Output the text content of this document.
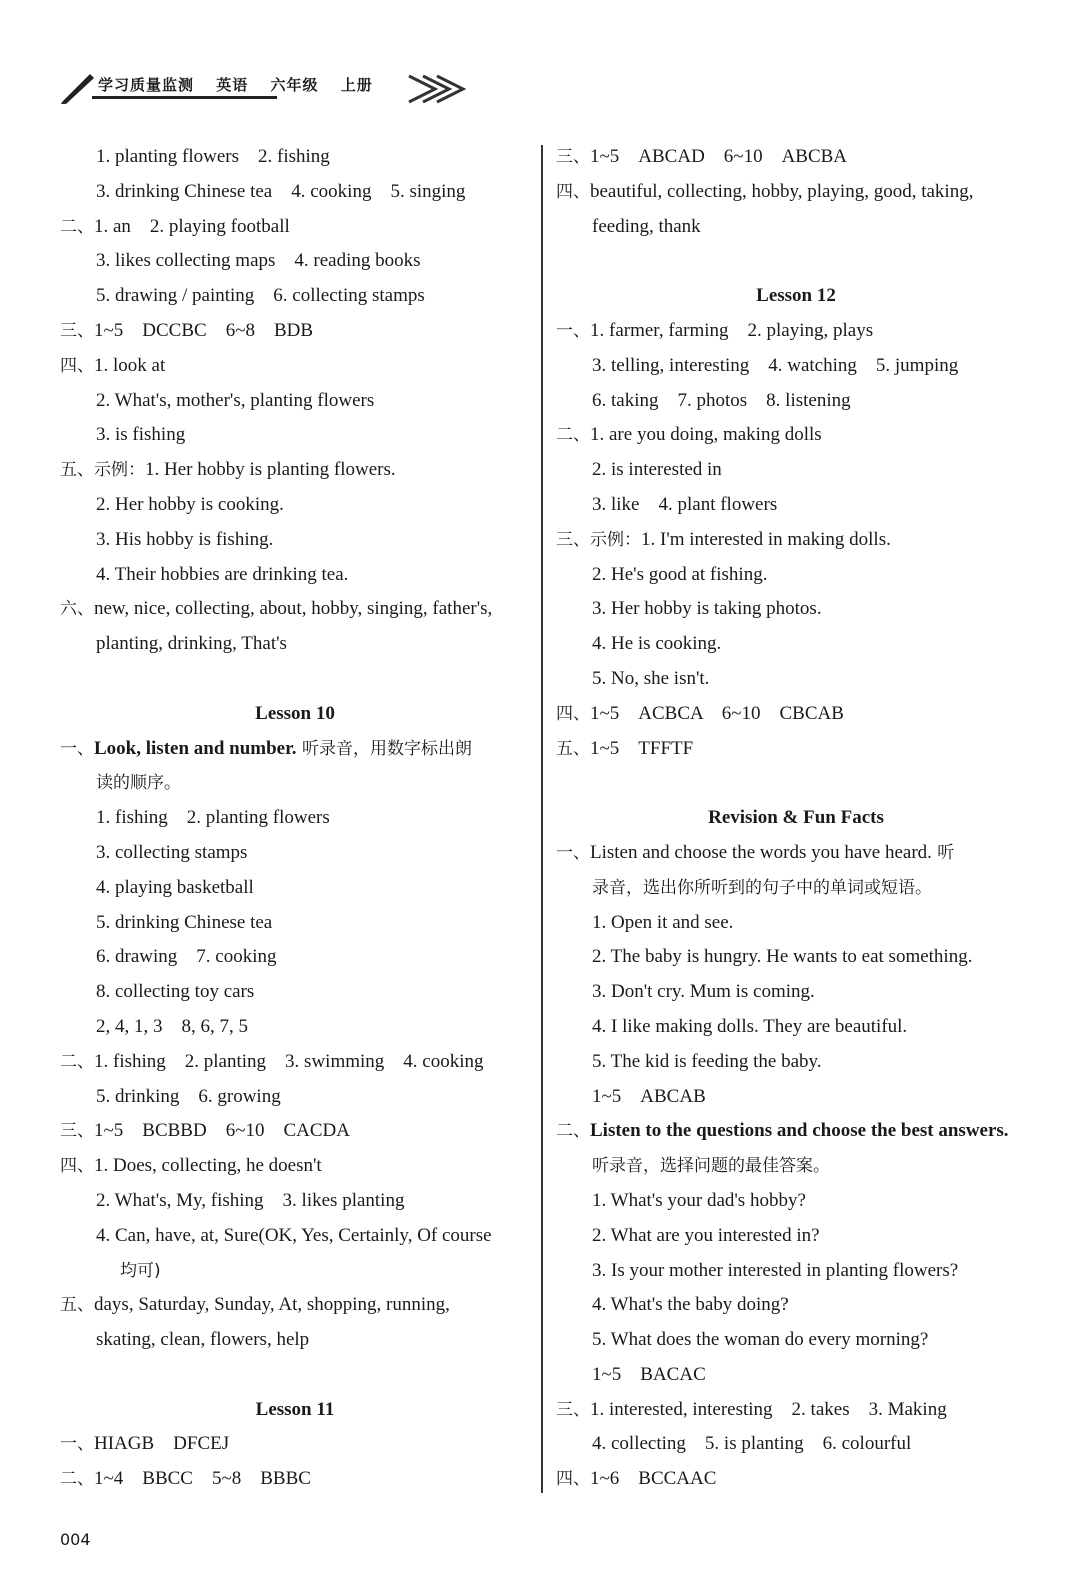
学习质量监测 英语 六年级 上册
1. planting flowers　2. fishing
3. drinking Chinese tea　4. cooking　5. singing
二、1. an　2. playing football
3. likes collecting maps　4. reading books
5. drawing / painting　6. collecting stamps
三、1~5　DCCBC　6~8　BDB
四、1. look at
2. What's, mother's, planting flowers
3. is fishing
五、示例：1. Her hobby is planting flowers.
2. Her hobby is cooking.
3. His hobby is fishing.
4. Their hobbies are drinking tea.
六、new, nice, collecting, about, hobby, singing, father's,
planting, drinking, That's
Lesson 10
一、Look, listen and number. 听录音，用数字标出朗
读的顺序。
1. fishing　2. planting flowers
3. collecting stamps
4. playing basketball
5. drinking Chinese tea
6. drawing　7. cooking
8. collecting toy cars
2, 4, 1, 3　8, 6, 7, 5
二、1. fishing　2. planting　3. swimming　4. cooking
5. drinking　6. growing
三、1~5　BCBBD　6~10　CACDA
四、1. Does, collecting, he doesn't
2. What's, My, fishing　3. likes planting
4. Can, have, at, Sure(OK, Yes, Certainly, Of course
均可)
五、days, Saturday, Sunday, At, shopping, running,
skating, clean, flowers, help
Lesson 11
一、HIAGB　DFCEJ
二、1~4　BBCC　5~8　BBBC
三、1~5　ABCAD　6~10　ABCBA
四、beautiful, collecting, hobby, playing, good, taking,
feeding, thank
Lesson 12
一、1. farmer, farming　2. playing, plays
3. telling, interesting　4. watching　5. jumping
6. taking　7. photos　8. listening
二、1. are you doing, making dolls
2. is interested in
3. like　4. plant flowers
三、示例：1. I'm interested in making dolls.
2. He's good at fishing.
3. Her hobby is taking photos.
4. He is cooking.
5. No, she isn't.
四、1~5　ACBCA　6~10　CBCAB
五、1~5　TFFTF
Revision & Fun Facts
一、Listen and choose the words you have heard. 听
录音，选出你所听到的句子中的单词或短语。
1. Open it and see.
2. The baby is hungry. He wants to eat something.
3. Don't cry. Mum is coming.
4. I like making dolls. They are beautiful.
5. The kid is feeding the baby.
1~5　ABCAB
二、Listen to the questions and choose the best answers.
听录音，选择问题的最佳答案。
1. What's your dad's hobby?
2. What are you interested in?
3. Is your mother interested in planting flowers?
4. What's the baby doing?
5. What does the woman do every morning?
1~5　BACAC
三、1. interested, interesting　2. takes　3. Making
4. collecting　5. is planting　6. colourful
四、1~6　BCCAAC
004
